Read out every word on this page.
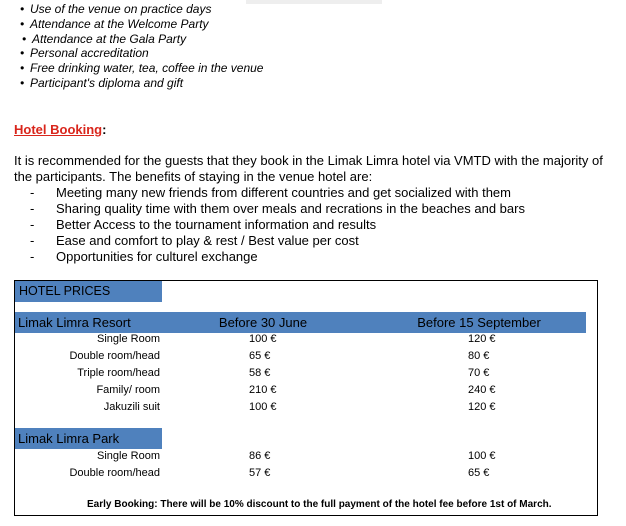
• Use of the venue on practice days
• Attendance at the Welcome Party
• Attendance at the Gala Party
• Personal accreditation
• Free drinking water, tea, coffee in the venue
• Participant's diploma and gift
Hotel Booking:
It is recommended for the guests that they book in the Limak Limra hotel via VMTD with the majority of the participants. The benefits of staying in the venue hotel are:
- Meeting many new friends from different countries and get socialized with them
- Sharing quality time with them over meals and recrations in the beaches and bars
- Better Access to the tournament information and results
- Ease and comfort to play & rest / Best value per cost
- Opportunities for culturel exchange
HOTEL PRICES
Limak Limra Resort	Before 30 June	Before 15 September
Single Room	100 €	120 €
Double room/head	65 €	80 €
Triple room/head	58 €	70 €
Family/ room	210 €	240 €
Jakuzili suit	100 €	120 €
Limak Limra Park
Single Room	86 €	100 €
Double room/head	57 €	65 €
Early Booking: There will be 10% discount to the full payment of the hotel fee before 1st of March.
